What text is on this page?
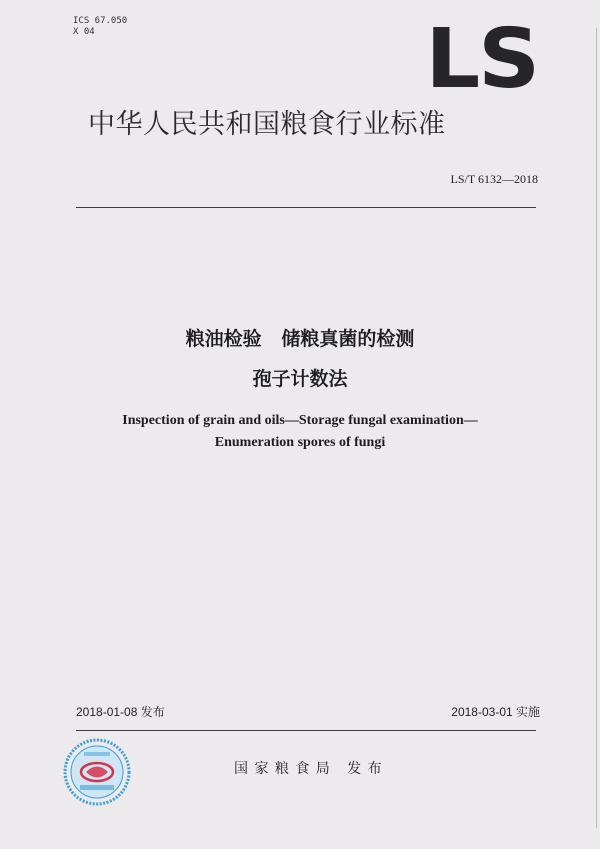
ICS 67.050
X 04	LS
中华人民共和国粮食行业标准
LS/T 6132—2018
粮油检验   储粮真菌的检测
孢子计数法
Inspection of grain and oils—Storage fungal examination—
Enumeration spores of fungi
2018-01-08 发布	2018-03-01 实施
国 家 粮 食 局   发 布
